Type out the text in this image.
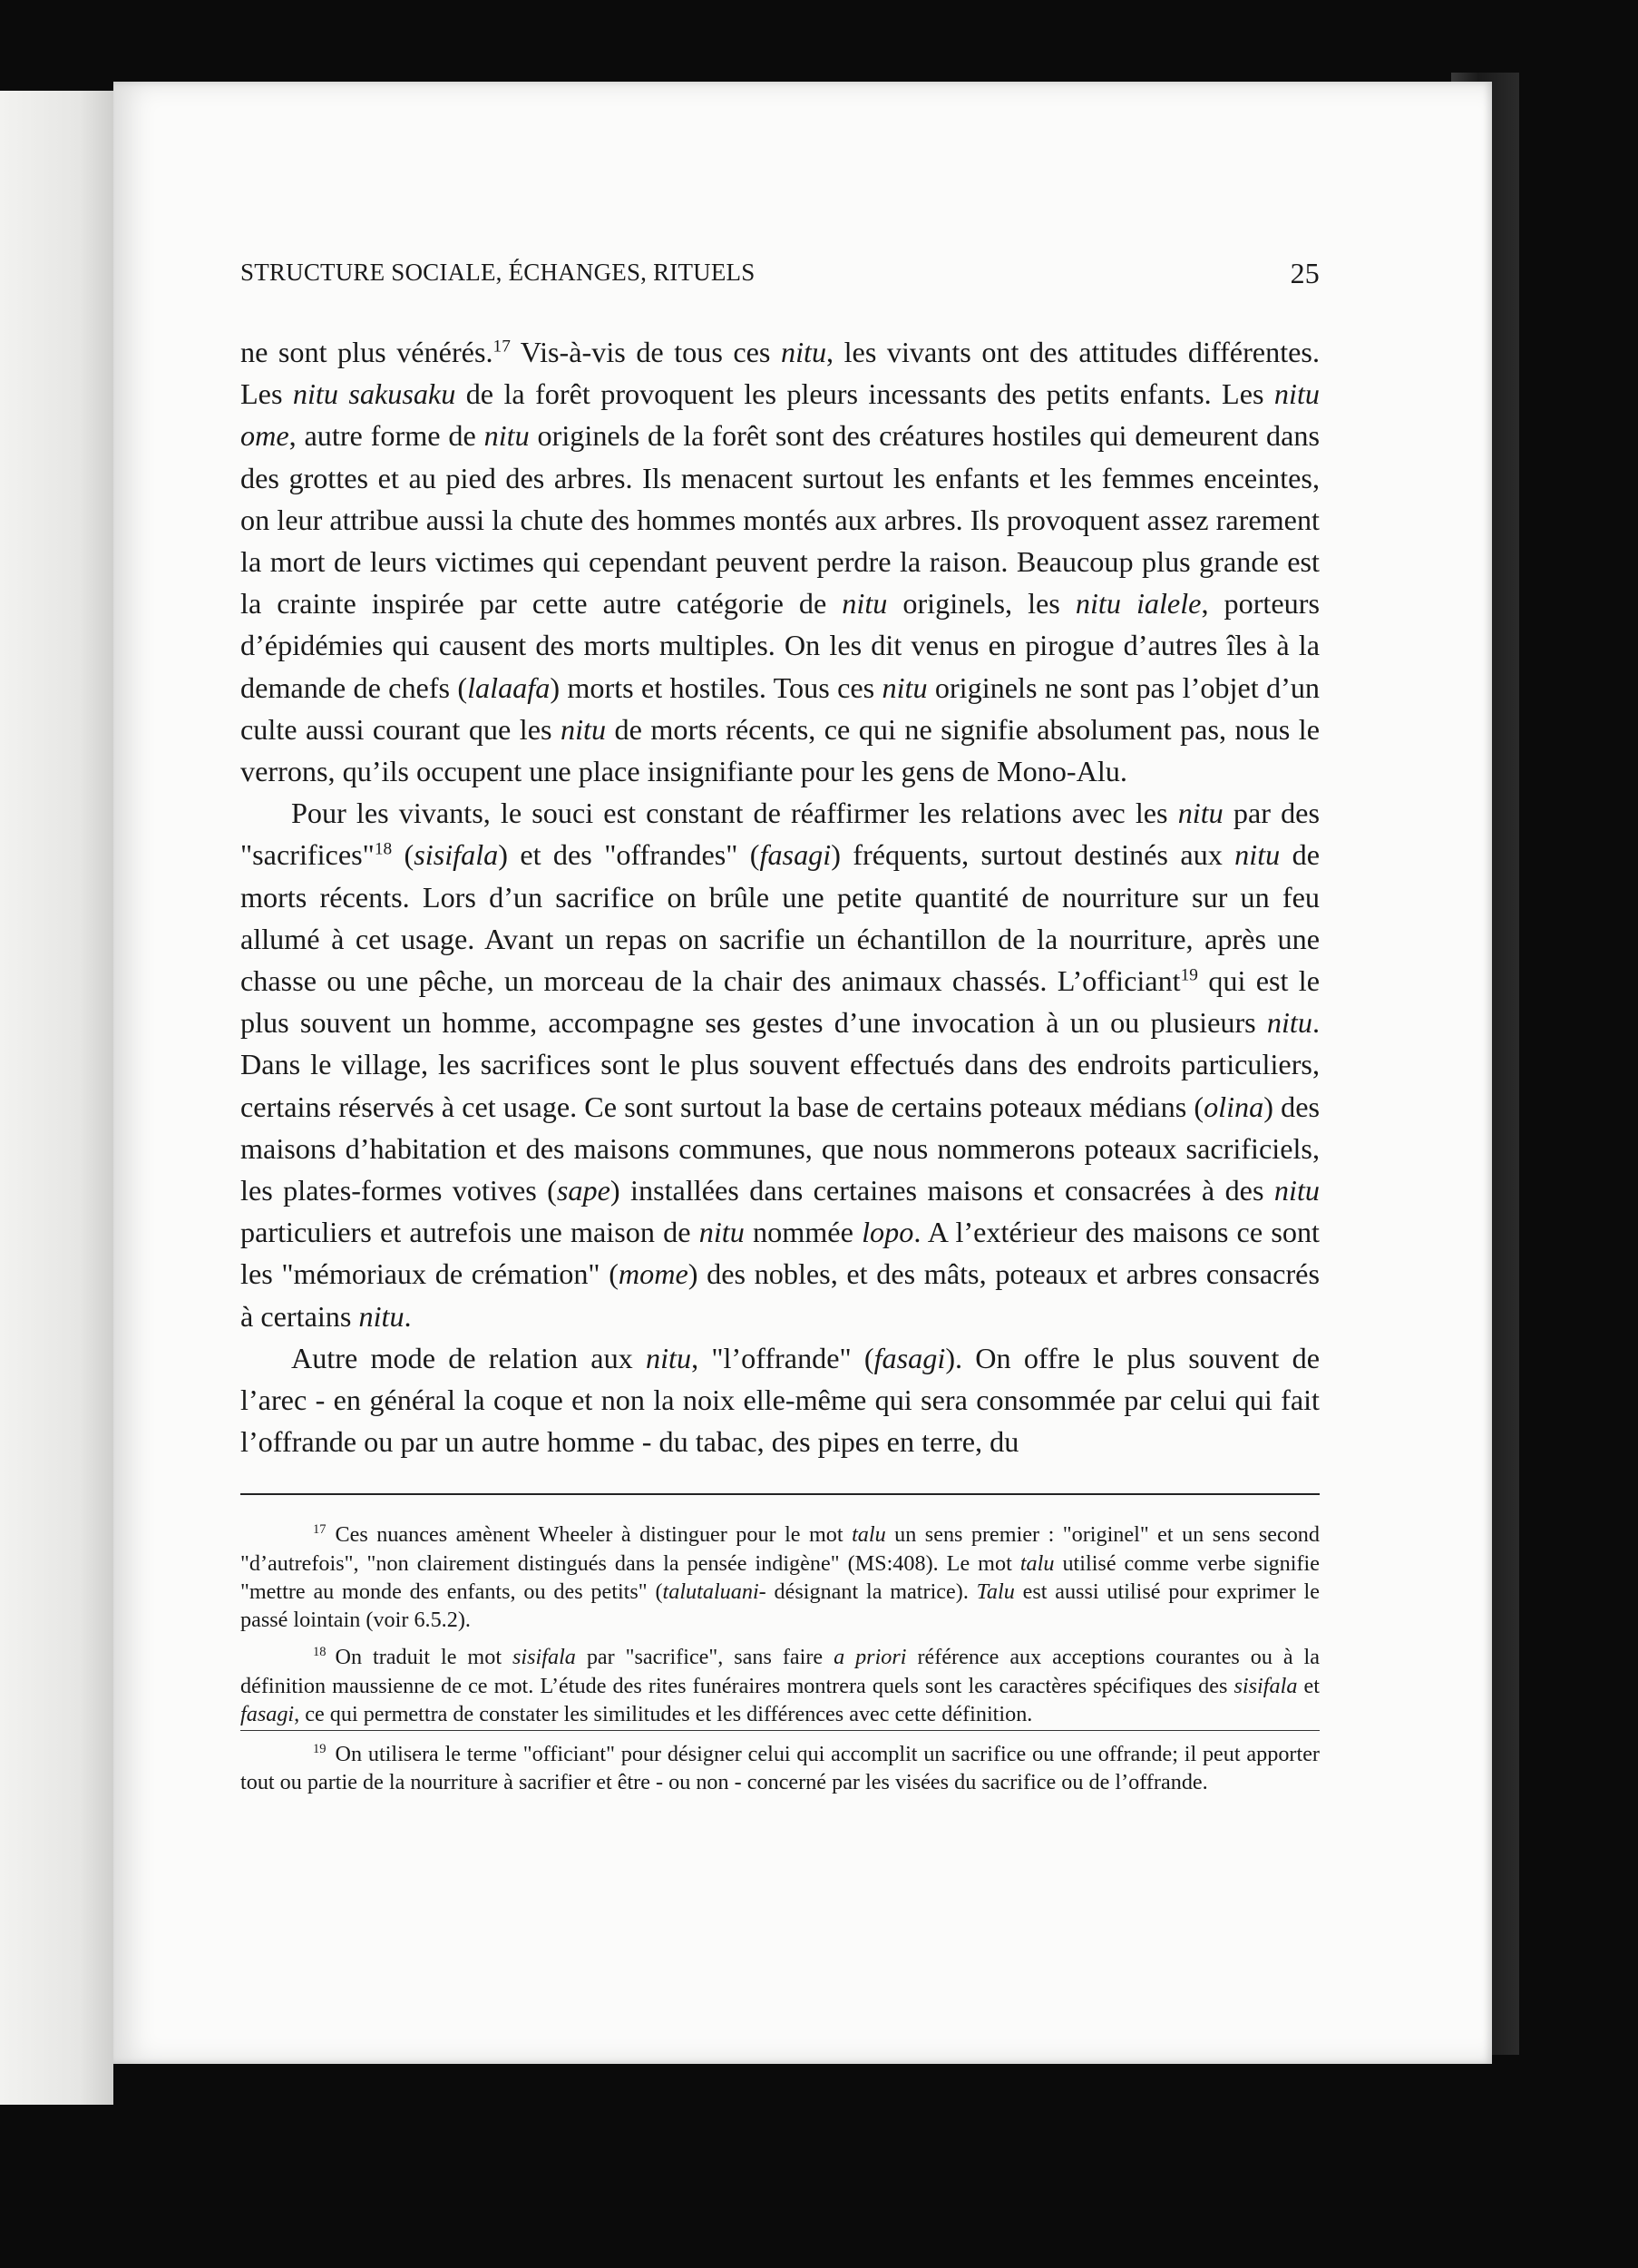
STRUCTURE SOCIALE, ÉCHANGES, RITUELS	25

ne sont plus vénérés.$^{17}$ Vis-à-vis de tous ces nitu, les vivants ont des attitudes différentes. Les nitu sakusaku de la forêt provoquent les pleurs incessants des petits enfants. Les nitu ome, autre forme de nitu originels de la forêt sont des créatures hostiles qui demeurent dans des grottes et au pied des arbres. Ils menacent surtout les enfants et les femmes enceintes, on leur attribue aussi la chute des hommes montés aux arbres. Ils provoquent assez rarement la mort de leurs victimes qui cependant peuvent perdre la raison. Beaucoup plus grande est la crainte inspirée par cette autre catégorie de nitu originels, les nitu ialele, porteurs d’épidémies qui causent des morts multiples. On les dit venus en pirogue d’autres îles à la demande de chefs (lalaafa) morts et hostiles. Tous ces nitu originels ne sont pas l’objet d’un culte aussi courant que les nitu de morts récents, ce qui ne signifie absolument pas, nous le verrons, qu’ils occupent une place insignifiante pour les gens de Mono-Alu.

Pour les vivants, le souci est constant de réaffirmer les relations avec les nitu par des "sacrifices"$^{18}$ (sisifala) et des "offrandes" (fasagi) fréquents, surtout destinés aux nitu de morts récents. Lors d’un sacrifice on brûle une petite quantité de nourriture sur un feu allumé à cet usage. Avant un repas on sacrifie un échantillon de la nourriture, après une chasse ou une pêche, un morceau de la chair des animaux chassés. L’officiant$^{19}$ qui est le plus souvent un homme, accompagne ses gestes d’une invocation à un ou plusieurs nitu. Dans le village, les sacrifices sont le plus souvent effectués dans des endroits particuliers, certains réservés à cet usage. Ce sont surtout la base de certains poteaux médians (olina) des maisons d’habitation et des maisons communes, que nous nommerons poteaux sacrificiels, les plates-formes votives (sape) installées dans certaines maisons et consacrées à des nitu particuliers et autrefois une maison de nitu nommée lopo. A l’extérieur des maisons ce sont les "mémoriaux de crémation" (mome) des nobles, et des mâts, poteaux et arbres consacrés à certains nitu.

Autre mode de relation aux nitu, "l’offrande" (fasagi). On offre le plus souvent de l’arec - en général la coque et non la noix elle-même qui sera consommée par celui qui fait l’offrande ou par un autre homme - du tabac, des pipes en terre, du

$^{17}$ Ces nuances amènent Wheeler à distinguer pour le mot talu un sens premier : "originel" et un sens second "d’autrefois", "non clairement distingués dans la pensée indigène" (MS:408). Le mot talu utilisé comme verbe signifie "mettre au monde des enfants, ou des petits" (talutaluani- désignant la matrice). Talu est aussi utilisé pour exprimer le passé lointain (voir 6.5.2).

$^{18}$ On traduit le mot sisifala par "sacrifice", sans faire a priori référence aux acceptions courantes ou à la définition maussienne de ce mot. L’étude des rites funéraires montrera quels sont les caractères spécifiques des sisifala et fasagi, ce qui permettra de constater les similitudes et les différences avec cette définition.

$^{19}$ On utilisera le terme "officiant" pour désigner celui qui accomplit un sacrifice ou une offrande; il peut apporter tout ou partie de la nourriture à sacrifier et être - ou non - concerné par les visées du sacrifice ou de l’offrande.
